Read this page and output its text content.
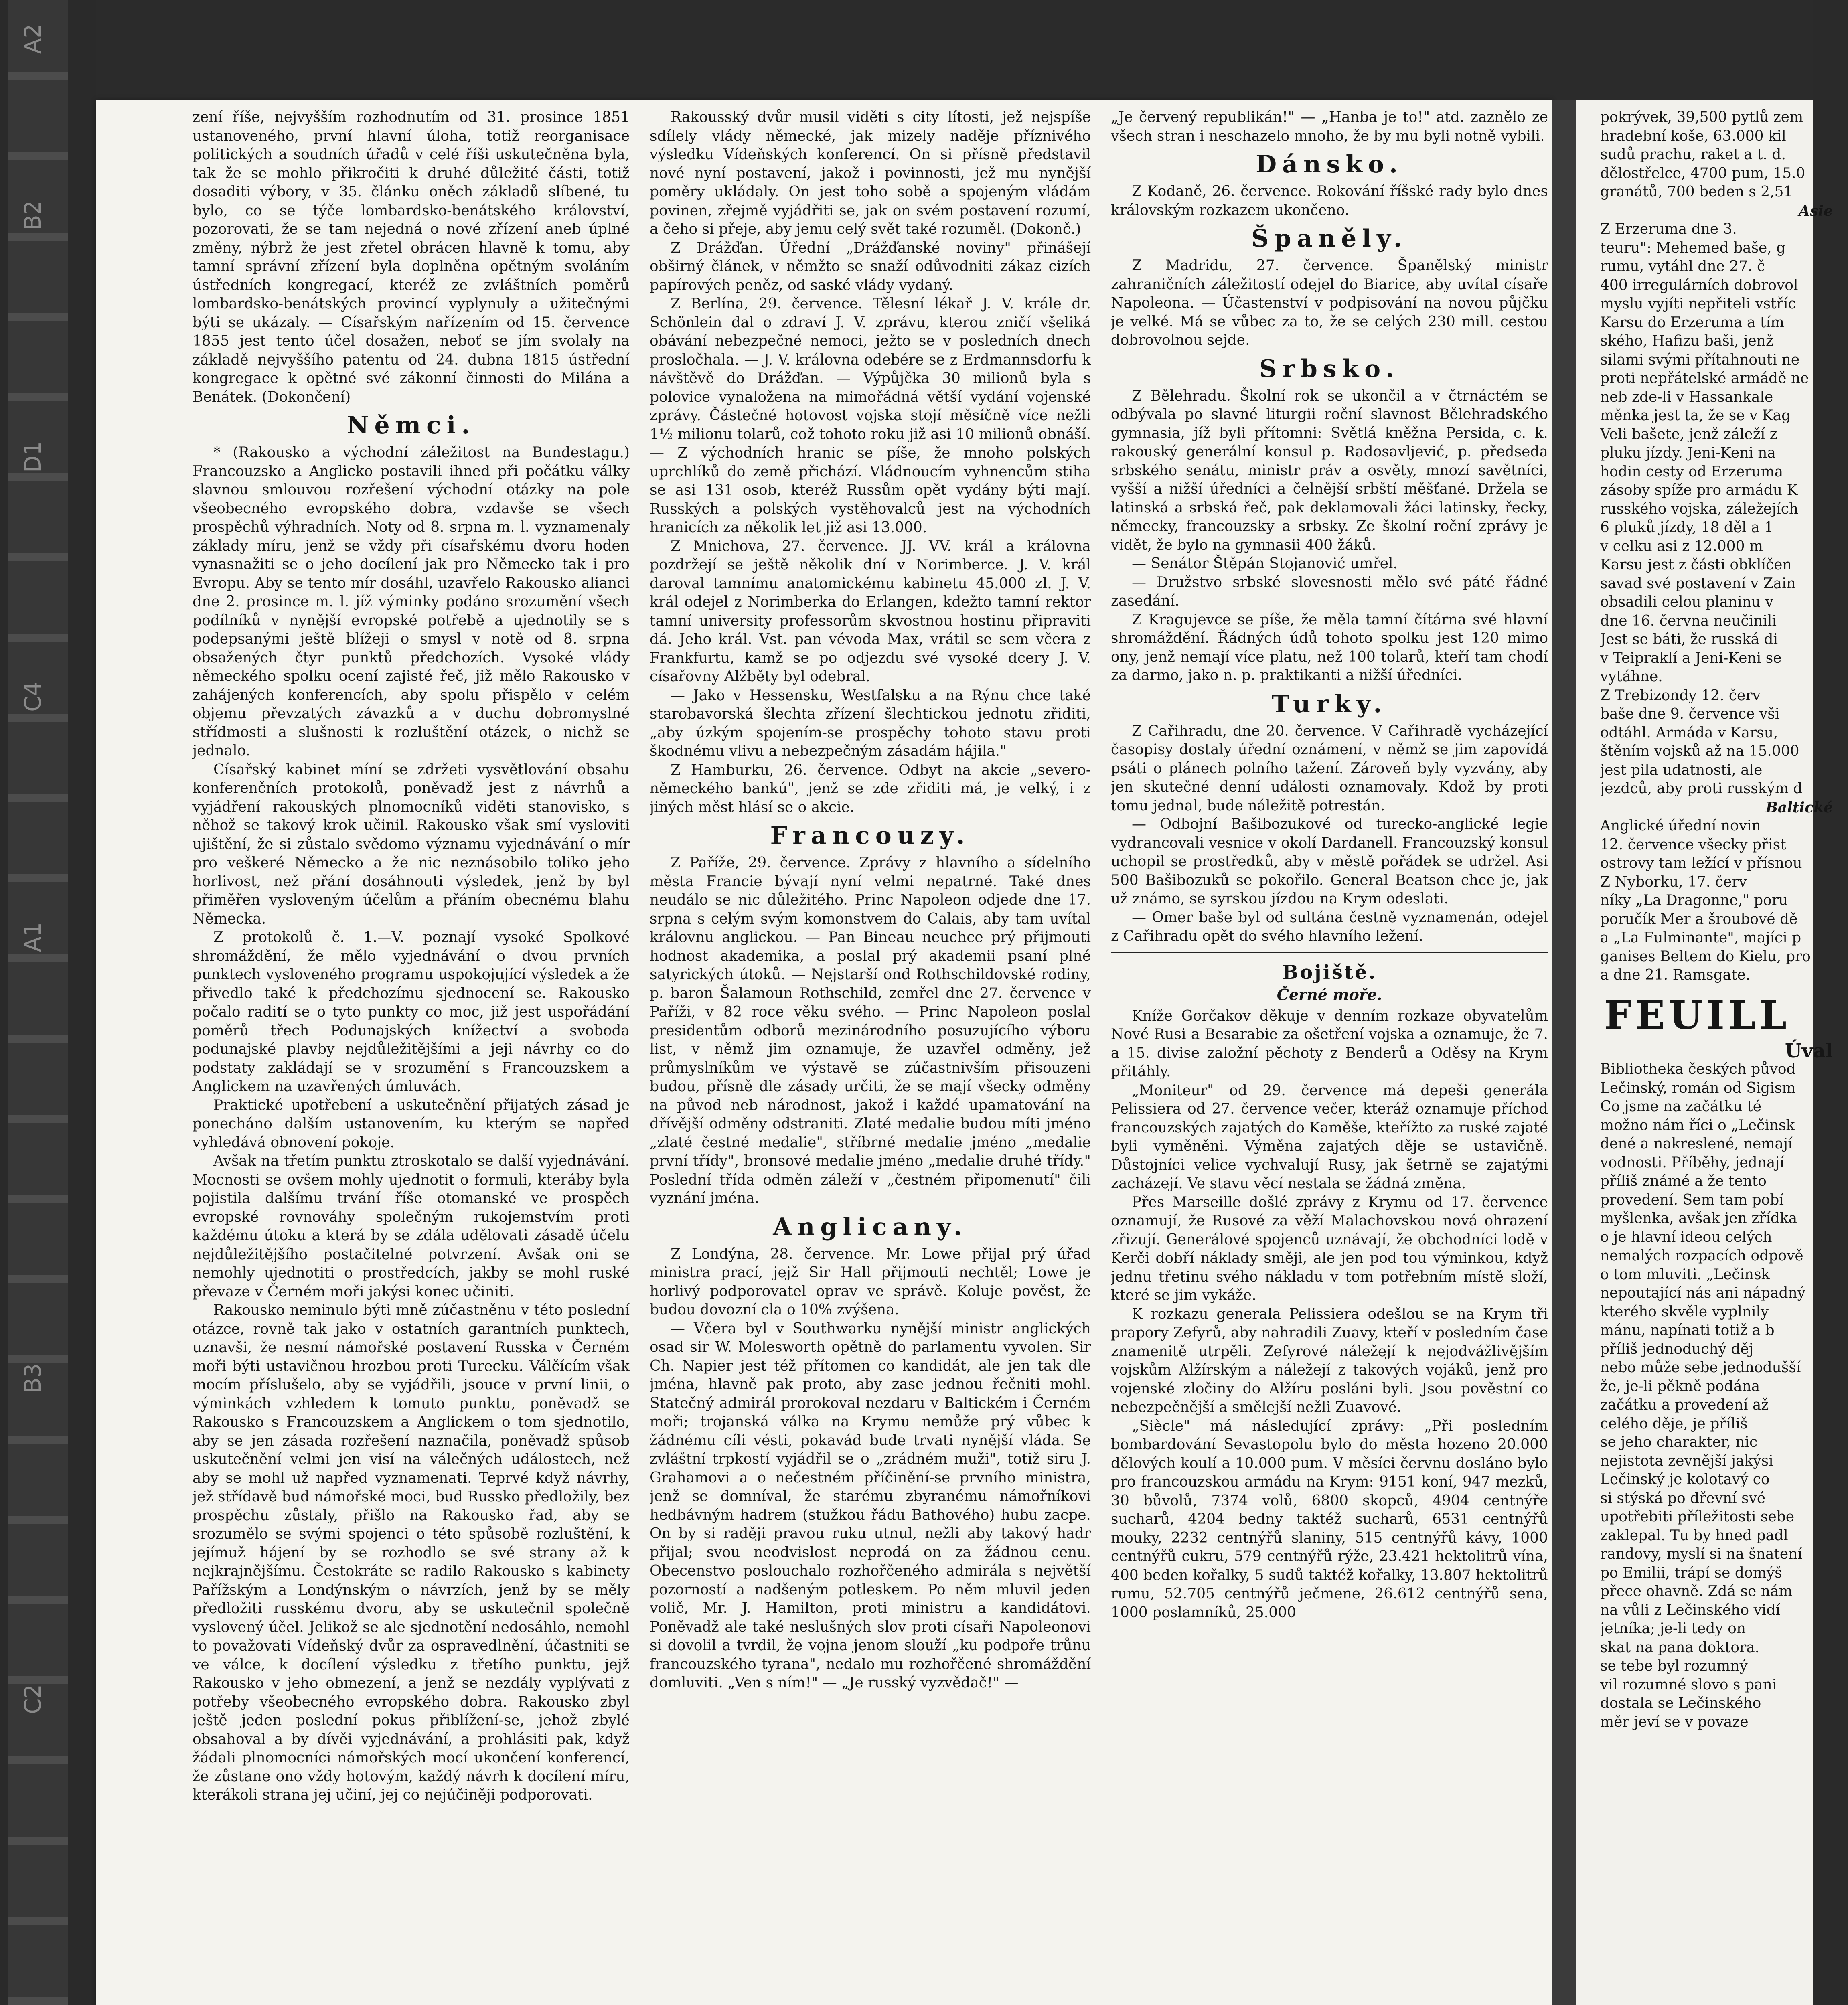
A2
B2
D1
C4
A1
B3
C2

zení říše, nejvyšším rozhodnutím od 31. prosince 1851 ustanoveného, první hlavní úloha, totiž reorganisace politických a soudních úřadů v celé říši uskutečněna byla, tak že se mohlo přikročiti k druhé důležité části, totiž dosaditi výbory, v 35. článku oněch základů slíbené, tu bylo, co se týče lombardsko-benátského království, pozorovati, že se tam nejedná o nové zřízení aneb úplné změny, nýbrž že jest zřetel obrácen hlavně k tomu, aby tamní správní zřízení byla doplněna opětným svoláním ústředních kongregací, kteréž ze zvláštních poměrů lombardsko-benátských provincí vyplynuly a užitečnými býti se ukázaly. — Císařským nařízením od 15. července 1855 jest tento účel dosažen, neboť se jím svolaly na základě nejvyššího patentu od 24. dubna 1815 ústřední kongregace k opětné své zákonní činnosti do Milána a Benátek. (Dokončení)

Němci.

* (Rakousko a východní záležitost na Bundestagu.) Francouzsko a Anglicko postavili ihned při počátku války slavnou smlouvou rozřešení východní otázky na pole všeobecného evropského dobra, vzdavše se všech prospěchů výhradních. Noty od 8. srpna m. l. vyznamenaly základy míru, jenž se vždy při císařskému dvoru hoden vynasnažiti se o jeho docílení jak pro Německo tak i pro Evropu. Aby se tento mír dosáhl, uzavřelo Rakousko alianci dne 2. prosince m. l. jíž výminky podáno srozumění všech podílníků v nynější evropské potřebě a ujednotily se s podepsanými ještě blížeji o smysl v notě od 8. srpna obsažených čtyr punktů předchozích. Vysoké vlády německého spolku ocení zajisté řeč, již mělo Rakousko v zahájených konferencích, aby spolu přispělo v celém objemu převzatých závazků a v duchu dobromyslné střídmosti a slušnosti k rozluštění otázek, o nichž se jednalo.

Císařský kabinet míní se zdržeti vysvětlování obsahu konferenčních protokolů, poněvadž jest z návrhů a vyjádření rakouských plnomocníků viděti stanovisko, s něhož se takový krok učinil. Rakousko však smí vysloviti ujištění, že si zůstalo svědomo významu vyjednávání o mír pro veškeré Německo a že nic neznásobilo toliko jeho horlivost, než přání dosáhnouti výsledek, jenž by byl přiměřen vysloveným účelům a přáním obecnému blahu Německa.

Z protokolů č. 1.—V. poznají vysoké Spolkové shromáždění, že mělo vyjednávání o dvou prvních punktech vysloveného programu uspokojující výsledek a že přivedlo také k předchozímu sjednocení se. Rakousko počalo radití se o tyto punkty co moc, již jest uspořádání poměrů třech Podunajských knížectví a svoboda podunajské plavby nejdůležitějšími a jeji návrhy co do podstaty zakládají se v srozumění s Francouzskem a Anglickem na uzavřených úmluvách.

Praktické upotřebení a uskutečnění přijatých zásad je ponecháno dalším ustanovením, ku kterým se napřed vyhledává obnovení pokoje.

Avšak na třetím punktu ztroskotalo se další vyjednávání. Mocnosti se ovšem mohly ujednotit o formuli, kteráby byla pojistila dalšímu trvání říše otomanské ve prospěch evropské rovnováhy společným rukojemstvím proti každému útoku a která by se zdála udělovati zásadě účelu nejdůležitějšího postačitelné potvrzení. Avšak oni se nemohly ujednotiti o prostředcích, jakby se mohl ruské převaze v Černém moři jakýsi konec učiniti.

Rakousko neminulo býti mně zúčastněnu v této poslední otázce, rovně tak jako v ostatních garantních punktech, uznavši, že nesmí námořské postavení Russka v Černém moři býti ustavičnou hrozbou proti Turecku. Válčícím však mocím příslušelo, aby se vyjádřili, jsouce v první linii, o výminkách vzhledem k tomuto punktu, poněvadž se Rakousko s Francouzskem a Anglickem o tom sjednotilo, aby se jen zásada rozřešení naznačila, poněvadž spůsob uskutečnění velmi jen visí na válečných událostech, než aby se mohl už napřed vyznamenati. Teprvé když návrhy, jež střídavě bud námořské moci, bud Russko předložily, bez prospěchu zůstaly, přišlo na Rakousko řad, aby se srozumělo se svými spojenci o této spůsobě rozluštění, k jejímuž hájení by se rozhodlo se své strany až k nejkrajnějšímu. Čestokráte se radilo Rakousko s kabinety Pařížským a Londýnským o návrzích, jenž by se měly předložiti russkému dvoru, aby se uskutečnil společně vyslovený účel. Jelikož se ale sjednotění nedosáhlo, nemohl to považovati Vídeňský dvůr za ospravedlnění, účastniti se ve válce, k docílení výsledku z třetího punktu, jejž Rakousko v jeho obmezení, a jenž se nezdály vyplývati z potřeby všeobecného evropského dobra. Rakousko zbyl ještě jeden poslední pokus přiblížení-se, jehož zbylé obsahoval a by dívěi vyjednávání, a prohlásiti pak, když žádali plnomocníci námořských mocí ukončení konferencí, že zůstane ono vždy hotovým, každý návrh k docílení míru, kterákoli strana jej učiní, jej co nejúčiněji podporovati.

Rakousský dvůr musil viděti s city lítosti, jež nejspíše sdílely vlády německé, jak mizely naděje příznivého výsledku Vídeňských konferencí. On si přísně představil nové nyní postavení, jakož i povinnosti, jež mu nynější poměry ukládaly. On jest toho sobě a spojeným vládám povinen, zřejmě vyjádřiti se, jak on svém postavení rozumí, a čeho si přeje, aby jemu celý svět také rozuměl. (Dokonč.)

Z Drážďan. Úřední „Drážďanské noviny" přinášejí obširný článek, v němžto se snaží odůvodniti zákaz cizích papírových peněz, od saské vlády vydaný.

Z Berlína, 29. července. Tělesní lékař J. V. krále dr. Schönlein dal o zdraví J. V. zprávu, kterou zničí všeliká obávání nebezpečné nemoci, ježto se v posledních dnech prosločhala. — J. V. královna odebére se z Erdmannsdorfu k návštěvě do Drážďan. — Výpůjčka 30 milionů byla s polovice vynaložena na mimořádná větší vydání vojenské zprávy. Částečné hotovost vojska stojí měsíčně více nežli 1½ milionu tolarů, což tohoto roku již asi 10 milionů obnáší. — Z východních hranic se píše, že mnoho polských uprchlíků do země přichází. Vládnoucím vyhnencům stiha se asi 131 osob, kteréž Russům opět vydány býti mají. Rusských a polských vystěhovalců jest na východních hranicích za několik let již asi 13.000.

Z Mnichova, 27. července. JJ. VV. král a královna pozdržejí se ještě několik dní v Norimberce. J. V. král daroval tamnímu anatomickému kabinetu 45.000 zl. J. V. král odejel z Norimberka do Erlangen, kdežto tamní rektor tamní university professorům skvostnou hostinu připraviti dá. Jeho král. Vst. pan vévoda Max, vrátil se sem včera z Frankfurtu, kamž se po odjezdu své vysoké dcery J. V. císařovny Alžběty byl odebral.

— Jako v Hessensku, Westfalsku a na Rýnu chce také starobavorská šlechta zřízení šlechtickou jednotu zřiditi, „aby úzkým spojením-se prospěchy tohoto stavu proti škodnému vlivu a nebezpečným zásadám hájila."

Z Hamburku, 26. července. Odbyt na akcie „severo-německého bankú", jenž se zde zřiditi má, je velký, i z jiných měst hlásí se o akcie.

Francouzy.

Z Paříže, 29. července. Zprávy z hlavního a sídelního města Francie bývají nyní velmi nepatrné. Také dnes neudálo se nic důležitého. Princ Napoleon odjede dne 17. srpna s celým svým komonstvem do Calais, aby tam uvítal královnu anglickou. — Pan Bineau neuchce prý přijmouti hodnost akademika, a poslal prý akademii psaní plné satyrických útoků. — Nejstarší ond Rothschildovské rodiny, p. baron Šalamoun Rothschild, zemřel dne 27. července v Paříži, v 82 roce věku svého. — Princ Napoleon poslal presidentům odborů mezinárodního posuzujícího výboru list, v němž jim oznamuje, že uzavřel odměny, jež průmyslníkům ve výstavě se zúčastnivším přisouzeni budou, přísně dle zásady určiti, že se mají všecky odměny na původ neb národnost, jakož i každé upamatování na dřívější odměny odstraniti. Zlaté medalie budou míti jméno „zlaté čestné medalie", stříbrné medalie jméno „medalie první třídy", bronsové medalie jméno „medalie druhé třídy." Poslední třída odměn záleží v „čestném připomenutí" čili vyznání jména.

Anglicany.

Z Londýna, 28. července. Mr. Lowe přijal prý úřad ministra prací, jejž Sir Hall přijmouti nechtěl; Lowe je horlivý podporovatel oprav ve správě. Koluje pověst, že budou dovozní cla o 10% zvýšena.

— Včera byl v Southwarku nynější ministr anglických osad sir W. Molesworth opětně do parlamentu vyvolen. Sir Ch. Napier jest též přítomen co kandidát, ale jen tak dle jména, hlavně pak proto, aby zase jednou řečniti mohl. Statečný admirál prorokoval nezdaru v Baltickém i Černém moři; trojanská válka na Krymu nemůže prý vůbec k žádnému cíli vésti, pokavád bude trvati nynější vláda. Se zvláštní trpkostí vyjádřil se o „zrádném muži", totiž siru J. Grahamovi a o nečestném příčinění-se prvního ministra, jenž se domníval, že starému zbyranému námořníkovi hedbávným hadrem (stužkou řádu Bathového) hubu zacpe. On by si raději pravou ruku utnul, nežli aby takový hadr přijal; svou neodvislost neprodá on za žádnou cenu. Obecenstvo poslouchalo rozhořčeného admirála s největší pozorností a nadšeným potleskem. Po něm mluvil jeden volič, Mr. J. Hamilton, proti ministru a kandidátovi. Poněvadž ale také neslušných slov proti císaři Napoleonovi si dovolil a tvrdil, že vojna jenom slouží „ku podpoře trůnu francouzského tyrana", nedalo mu rozhořčené shromáždění domluviti. „Ven s ním!" — „Je russký vyzvědač!" —

„Je červený republikán!" — „Hanba je to!" atd. zaznělo ze všech stran i neschazelo mnoho, že by mu byli notně vybili.

Dánsko.

Z Kodaně, 26. července. Rokování říšské rady bylo dnes královským rozkazem ukončeno.

Španěly.

Z Madridu, 27. července. Španělský ministr zahraničních záležitostí odejel do Biarice, aby uvítal císaře Napoleona. — Účastenství v podpisování na novou půjčku je velké. Má se vůbec za to, že se celých 230 mill. cestou dobrovolnou sejde.

Srbsko.

Z Bělehradu. Školní rok se ukončil a v čtrnáctém se odbývala po slavné liturgii roční slavnost Bělehradského gymnasia, jíž byli přítomni: Světlá kněžna Persida, c. k. rakouský generální konsul p. Radosavljević, p. předseda srbského senátu, ministr práv a osvěty, mnozí savětníci, vyšší a nižší úředníci a čelnější srbští měšťané. Držela se latinská a srbská řeč, pak deklamovali žáci latinsky, řecky, německy, francouzsky a srbsky. Ze školní roční zprávy je vidět, že bylo na gymnasii 400 žáků.

— Senátor Štěpán Stojanović umřel.

— Družstvo srbské slovesnosti mělo své páté řádné zasedání.

Z Kragujevce se píše, že měla tamní čítárna své hlavní shromáždění. Řádných údů tohoto spolku jest 120 mimo ony, jenž nemají více platu, než 100 tolarů, kteří tam chodí za darmo, jako n. p. praktikanti a nižší úředníci.

Turky.

Z Cařihradu, dne 20. července. V Cařihradě vycházející časopisy dostaly úřední oznámení, v němž se jim zapovídá psáti o plánech polního tažení. Zároveň byly vyzvány, aby jen skutečné denní události oznamovaly. Kdož by proti tomu jednal, bude náležitě potrestán.

— Odbojní Bašibozukové od turecko-anglické legie vydrancovali vesnice v okolí Dardanell. Francouzský konsul uchopil se prostředků, aby v městě pořádek se udržel. Asi 500 Bašibozuků se pokořilo. General Beatson chce je, jak už známo, se syrskou jízdou na Krym odeslati.

— Omer baše byl od sultána čestně vyznamenán, odejel z Cařihradu opět do svého hlavního ležení.

Bojiště.
Černé moře.

Kníže Gorčakov děkuje v denním rozkaze obyvatelům Nové Rusi a Besarabie za ošetření vojska a oznamuje, že 7. a 15. divise založní pěchoty z Benderů a Oděsy na Krym přitáhly.

„Moniteur" od 29. července má depeši generála Pelissiera od 27. července večer, kteráž oznamuje příchod francouzských zajatých do Kaměše, kteřížto za ruské zajaté byli vyměněni. Výměna zajatých děje se ustavičně. Důstojníci velice vychvalují Rusy, jak šetrně se zajatými zacházejí. Ve stavu věcí nestala se žádná změna.

Přes Marseille došlé zprávy z Krymu od 17. července oznamují, že Rusové za věží Malachovskou nová ohrazení zřizují. Generálové spojenců uznávají, že obchodníci lodě v Kerči dobří náklady směji, ale jen pod tou výminkou, když jednu třetinu svého nákladu v tom potřebním místě složí, které se jim vykáže.

K rozkazu generala Pelissiera odešlou se na Krym tři prapory Zefyrů, aby nahradili Zuavy, kteří v posledním čase znamenitě utrpěli. Zefyrové náležejí k nejodvážlivějším vojskům Alžírským a náležejí z takových vojáků, jenž pro vojenské zločiny do Alžíru posláni byli. Jsou pověstní co nebezpečnější a smělejší nežli Zuavové.

„Siècle" má následující zprávy: „Při posledním bombardování Sevastopolu bylo do města hozeno 20.000 dělových koulí a 10.000 pum. V měsíci červnu dosláno bylo pro francouzskou armádu na Krym: 9151 koní, 947 mezků, 30 bůvolů, 7374 volů, 6800 skopců, 4904 centnýře sucharů, 4204 bedny taktéž sucharů, 6531 centnýřů mouky, 2232 centnýřů slaniny, 515 centnýřů kávy, 1000 centnýřů cukru, 579 centnýřů rýže, 23.421 hektolitrů vína, 400 beden kořalky, 5 sudů taktéž kořalky, 13.807 hektolitrů rumu, 52.705 centnýřů ječmene, 26.612 centnýřů sena, 1000 poslamníků, 25.000

pokrývek, 39,500 pytlů zem
hradební koše, 63.000 kil
sudů prachu, raket a t. d.
dělostřelce, 4700 pum, 15.0
granátů, 700 beden s 2,51
Asie
Z Erzeruma dne 3.
teuru": Mehemed baše, g
rumu, vytáhl dne 27. č
400 irregulárních dobrovol
myslu vyjíti nepřiteli vstříc
Karsu do Erzeruma a tím
ského, Hafizu baši, jenž
silami svými přítahnouti ne
proti nepřátelské armádě ne
neb zde-li v Hassankale
měnka jest ta, že se v Kag
Veli bašete, jenž záleží z
pluku jízdy. Jeni-Keni na
hodin cesty od Erzeruma
zásoby spíže pro armádu K
rusského vojska, záležejích
6 pluků jízdy, 18 děl a 1
v celku asi z 12.000 m
Karsu jest z části obklíčen
savad své postavení v Zain
obsadili celou planinu v
dne 16. června neučinili
Jest se báti, že russká di
v Teipraklí a Jeni-Keni se
vytáhne.
Z Trebizondy 12. červ
baše dne 9. července vši
odtáhl. Armáda v Karsu,
štěním vojsků až na 15.000
jest pila udatnosti, ale
jezdců, aby proti rusským d
Baltické
Anglické úřední novin
12. července všecky přist
ostrovy tam ležící v přísnou
Z Nyborku, 17. červ
níky „La Dragonne," poru
poručík Mer a šroubové dě
a „La Fulminante", majíci p
ganises Beltem do Kielu, pro
a dne 21. Ramsgate.
FEUILL
Úval
Bibliotheka českých původ
Lečinský, román od Sigism
Co jsme na začátku té
možno nám říci o „Lečinsk
dené a nakreslené, nemají
vodnosti. Příběhy, jednají
příliš známé a že tento
provedení. Sem tam pobí
myšlenka, avšak jen zřídka
o je hlavní ideou celých
nemalých rozpacích odpově
o tom mluviti. „Lečinsk
nepoutající nás ani nápadný
kterého skvěle vyplnily
mánu, napínati totiž a b
příliš jednoduchý děj
nebo může sebe jednodušší
že, je-li pěkně podána
začátku a provedení až
celého děje, je příliš
se jeho charakter, nic
nejistota zevnější jakýsi
Lečinský je kolotavý co
si stýská po dřevní své
upotřebiti příležitosti sebe
zaklepal. Tu by hned padl
randovy, myslí si na šnatení
po Emilii, trápí se domýš
přece ohavně. Zdá se nám
na vůli z Lečinského vidí
jetníka; je-li tedy on
skat na pana doktora.
se tebe byl rozumný
vil rozumné slovo s pani
dostala se Lečinského
měr jeví se v povaze
